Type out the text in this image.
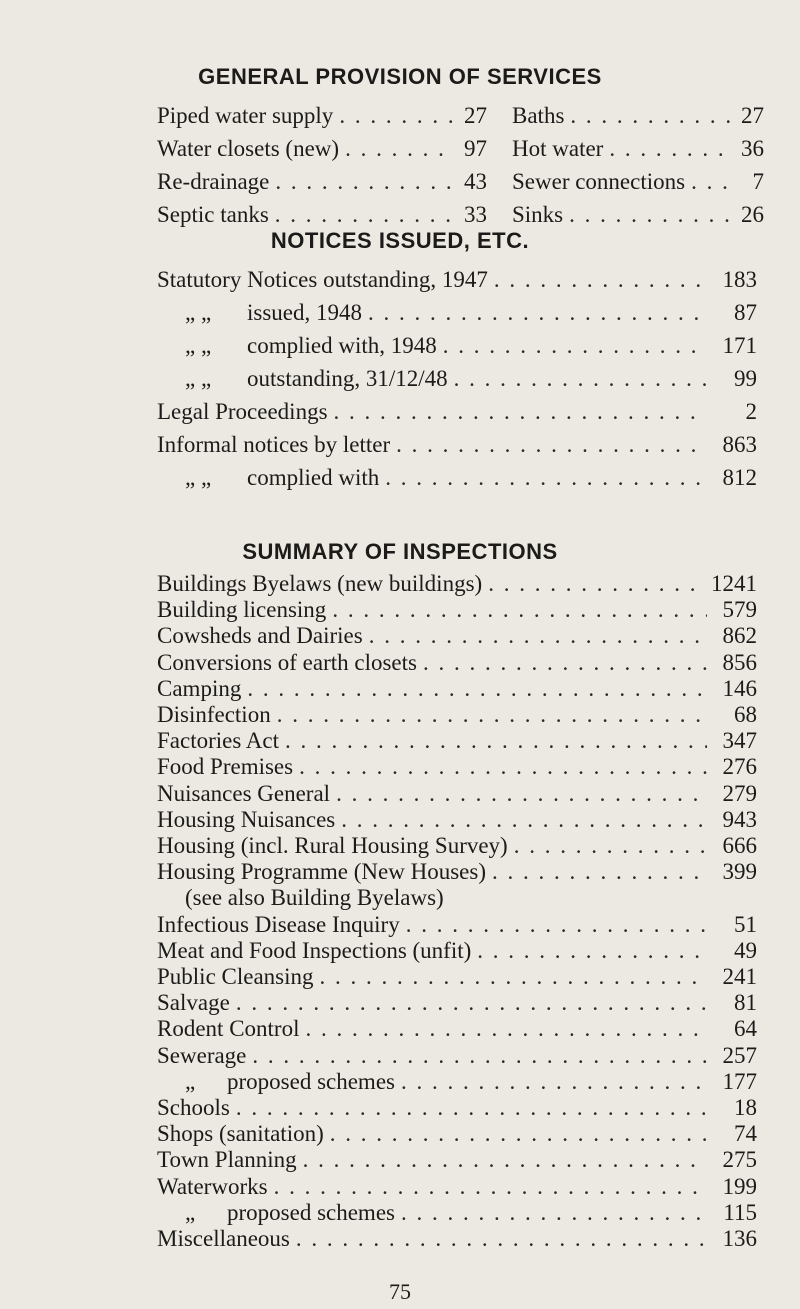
GENERAL PROVISION OF SERVICES
Piped water supply . . .	27
Water closets (new) . . .	97
Re-drainage . . .	43
Septic tanks . . .	33
Baths . . .	27
Hot water . . .	36
Sewer connections . . .	7
Sinks . . .	26
NOTICES ISSUED, ETC.
Statutory Notices outstanding, 1947 . . .	183
„ „ issued, 1948 . . .	87
„ „ complied with, 1948 . . .	171
„ „ outstanding, 31/12/48 . . .	99
Legal Proceedings . . .	2
Informal notices by letter . . .	863
„ „ complied with . . .	812
SUMMARY OF INSPECTIONS
Buildings Byelaws (new buildings) . . .	1241
Building licensing . . .	579
Cowsheds and Dairies . . .	862
Conversions of earth closets . . .	856
Camping . . .	146
Disinfection . . .	68
Factories Act . . .	347
Food Premises . . .	276
Nuisances General . . .	279
Housing Nuisances . . .	943
Housing (incl. Rural Housing Survey) . . .	666
Housing Programme (New Houses) . . .	399
(see also Building Byelaws)
Infectious Disease Inquiry . . .	51
Meat and Food Inspections (unfit) . . .	49
Public Cleansing . . .	241
Salvage . . .	81
Rodent Control . . .	64
Sewerage . . .	257
„ proposed schemes . . .	177
Schools . . .	18
Shops (sanitation) . . .	74
Town Planning . . .	275
Waterworks . . .	199
„ proposed schemes . . .	115
Miscellaneous . . .	136
75
